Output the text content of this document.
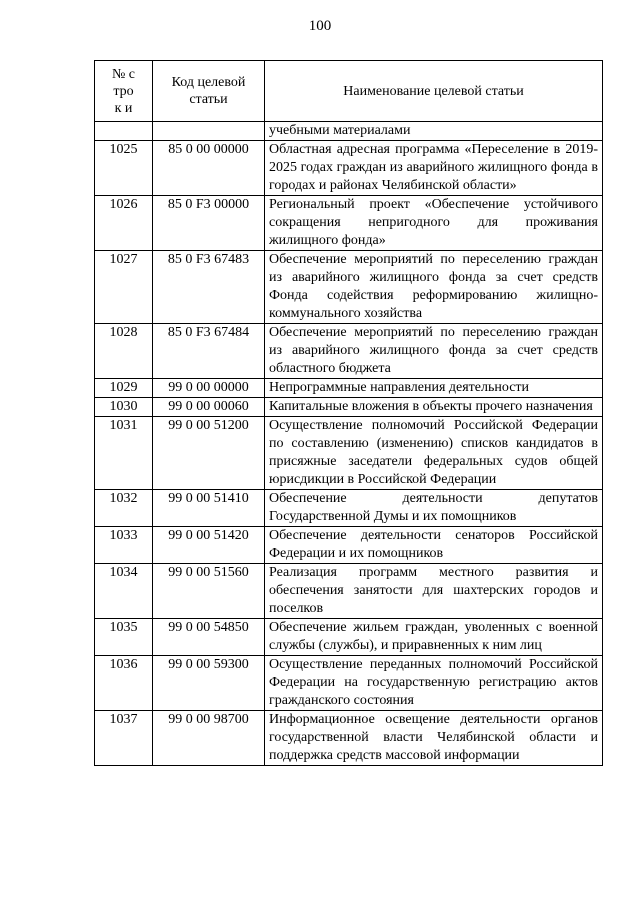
100
№ строк и	Код целевой статьи	Наименование целевой статьи
		учебными материалами
1025	85 0 00 00000	Областная адресная программа «Переселение в 2019-2025 годах граждан из аварийного жилищного фонда в городах и районах Челябинской области»
1026	85 0 F3 00000	Региональный проект «Обеспечение устойчивого сокращения непригодного для проживания жилищного фонда»
1027	85 0 F3 67483	Обеспечение мероприятий по переселению граждан из аварийного жилищного фонда за счет средств Фонда содействия реформированию жилищно-коммунального хозяйства
1028	85 0 F3 67484	Обеспечение мероприятий по переселению граждан из аварийного жилищного фонда за счет средств областного бюджета
1029	99 0 00 00000	Непрограммные направления деятельности
1030	99 0 00 00060	Капитальные вложения в объекты прочего назначения
1031	99 0 00 51200	Осуществление полномочий Российской Федерации по составлению (изменению) списков кандидатов в присяжные заседатели федеральных судов общей юрисдикции в Российской Федерации
1032	99 0 00 51410	Обеспечение деятельности депутатов Государственной Думы и их помощников
1033	99 0 00 51420	Обеспечение деятельности сенаторов Российской Федерации и их помощников
1034	99 0 00 51560	Реализация программ местного развития и обеспечения занятости для шахтерских городов и поселков
1035	99 0 00 54850	Обеспечение жильем граждан, уволенных с военной службы (службы), и приравненных к ним лиц
1036	99 0 00 59300	Осуществление переданных полномочий Российской Федерации на государственную регистрацию актов гражданского состояния
1037	99 0 00 98700	Информационное освещение деятельности органов государственной власти Челябинской области и поддержка средств массовой информации
